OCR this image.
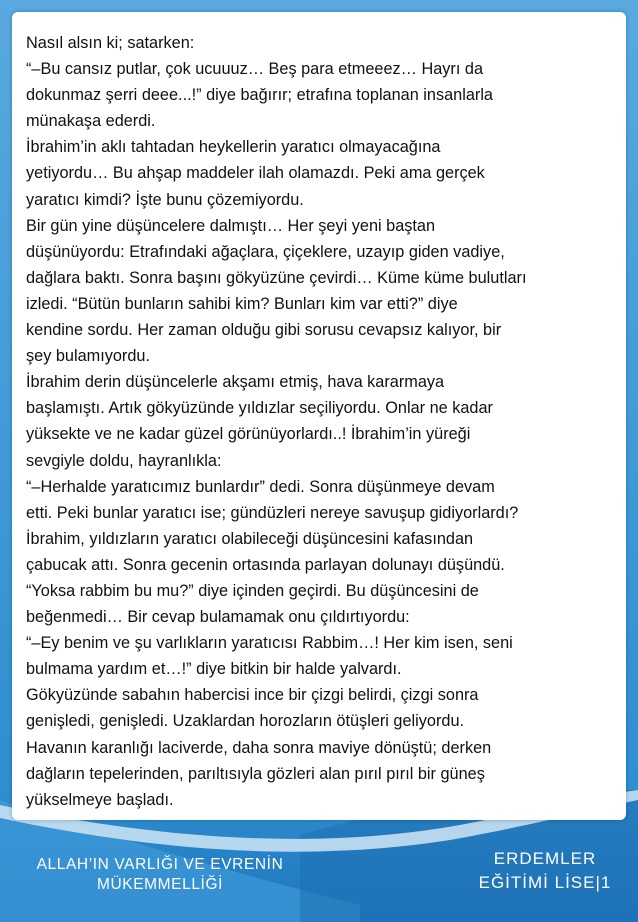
Nasıl alsın ki; satarken:

“–Bu cansız putlar, çok ucuuuz… Beş para etmeeez… Hayrı da

dokunmaz şerri deee...!” diye bağırır; etrafına toplanan insanlarla

münakaşa ederdi.

İbrahim’in aklı tahtadan heykellerin yaratıcı olmayacağına

yetiyordu… Bu ahşap maddeler ilah olamazdı. Peki ama gerçek

yaratıcı kimdi? İşte bunu çözemiyordu.

Bir gün yine düşüncelere dalmıştı… Her şeyi yeni baştan

düşünüyordu: Etrafındaki ağaçlara, çiçeklere, uzayıp giden vadiye,

dağlara baktı. Sonra başını gökyüzüne çevirdi… Küme küme bulutları

izledi. “Bütün bunların sahibi kim? Bunları kim var etti?” diye

kendine sordu. Her zaman olduğu gibi sorusu cevapsız kalıyor, bir

şey bulamıyordu.

İbrahim derin düşüncelerle akşamı etmiş, hava kararmaya

başlamıştı. Artık gökyüzünde yıldızlar seçiliyordu. Onlar ne kadar

yüksekte ve ne kadar güzel görünüyorlardı..! İbrahim’in yüreği

sevgiyle doldu, hayranlıkla:

“–Herhalde yaratıcımız bunlardır” dedi. Sonra düşünmeye devam

etti. Peki bunlar yaratıcı ise; gündüzleri nereye savuşup gidiyorlardı?

İbrahim, yıldızların yaratıcı olabileceği düşüncesini kafasından

çabucak attı. Sonra gecenin ortasında parlayan dolunayı düşündü.

“Yoksa rabbim bu mu?” diye içinden geçirdi. Bu düşüncesini de

beğenmedi… Bir cevap bulamamak onu çıldırtıyordu:

“–Ey benim ve şu varlıkların yaratıcısı Rabbim…! Her kim isen, seni

bulmama yardım et…!” diye bitkin bir halde yalvardı.

Gökyüzünde sabahın habercisi ince bir çizgi belirdi, çizgi sonra

genişledi, genişledi. Uzaklardan horozların ötüşleri geliyordu.

Havanın karanlığı laciverde, daha sonra maviye dönüştü; derken

dağların tepelerinden, parıltısıyla gözleri alan pırıl pırıl bir güneş

yükselmeye başladı.

ALLAH’IN VARLIĞI VE EVRENİN
MÜKEMMELLİĞİ
ERDEMLER
EĞİTİMİ LİSE|1
